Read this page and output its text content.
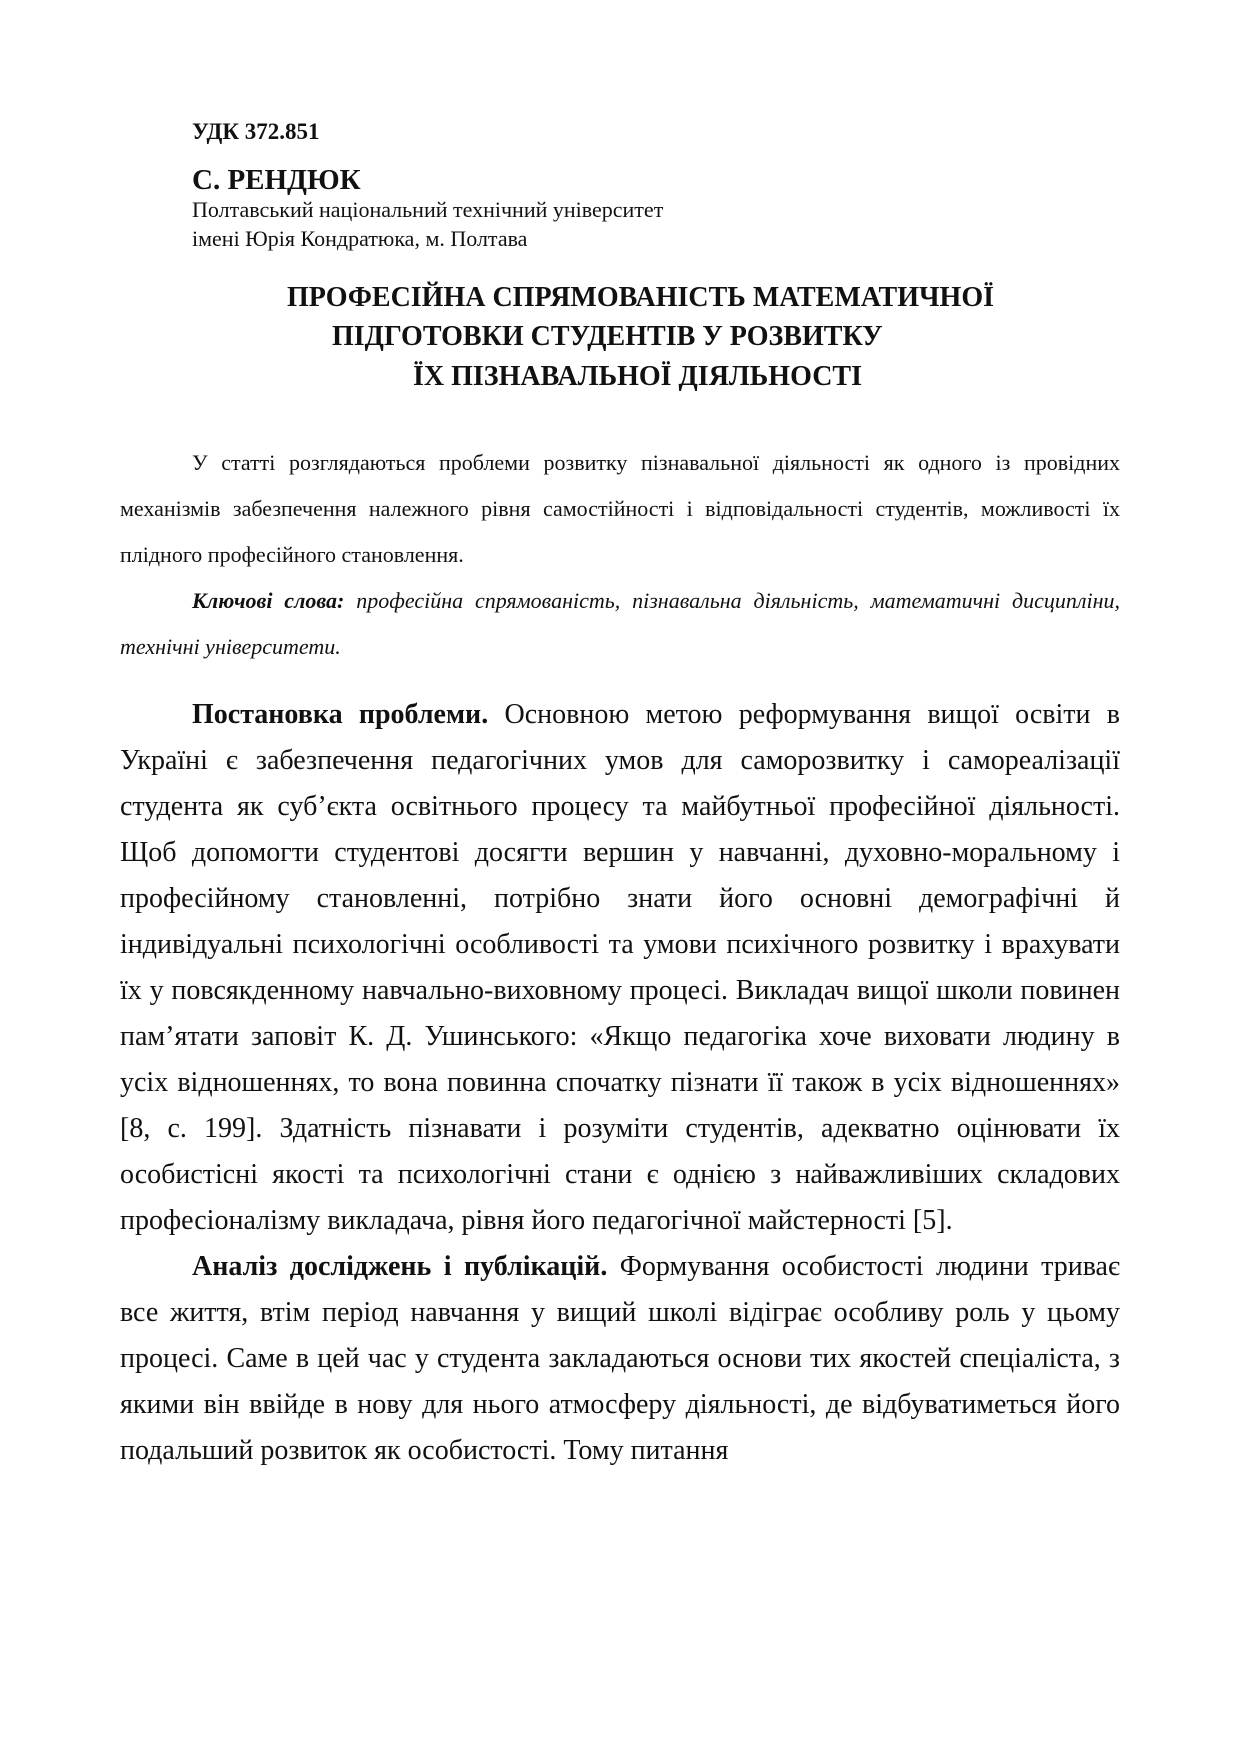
УДК 372.851
С. РЕНДЮК
Полтавський національний технічний університет
імені Юрія Кондратюка, м. Полтава
ПРОФЕСІЙНА СПРЯМОВАНІСТЬ МАТЕМАТИЧНОЇ
ПІДГОТОВКИ СТУДЕНТІВ У РОЗВИТКУ
ЇХ ПІЗНАВАЛЬНОЇ ДІЯЛЬНОСТІ

У статті розглядаються проблеми розвитку пізнавальної діяльності як одного із провідних механізмів забезпечення належного рівня самостійності і відповідальності студентів, можливості їх плідного професійного становлення.

Ключові слова: професійна спрямованість, пізнавальна діяльність, математичні дисципліни, технічні університети.

Постановка проблеми. Основною метою реформування вищої освіти в Україні є забезпечення педагогічних умов для саморозвитку і самореалізації студента як суб’єкта освітнього процесу та майбутньої професійної діяльності. Щоб допомогти студентові досягти вершин у навчанні, духовно-моральному і професійному становленні, потрібно знати його основні демографічні й індивідуальні психологічні особливості та умови психічного розвитку і врахувати їх у повсякденному навчально-виховному процесі. Викладач вищої школи повинен пам’ятати заповіт К. Д. Ушинського: «Якщо педагогіка хоче виховати людину в усіх відношеннях, то вона повинна спочатку пізнати її також в усіх відношеннях» [8, с. 199]. Здатність пізнавати і розуміти студентів, адекватно оцінювати їх особистісні якості та психологічні стани є однією з найважливіших складових професіоналізму викладача, рівня його педагогічної майстерності [5].

Аналіз досліджень і публікацій. Формування особистості людини триває все життя, втім період навчання у вищий школі відіграє особливу роль у цьому процесі. Саме в цей час у студента закладаються основи тих якостей спеціаліста, з якими він ввійде в нову для нього атмосферу діяльності, де відбуватиметься його подальший розвиток як особистості. Тому питання
